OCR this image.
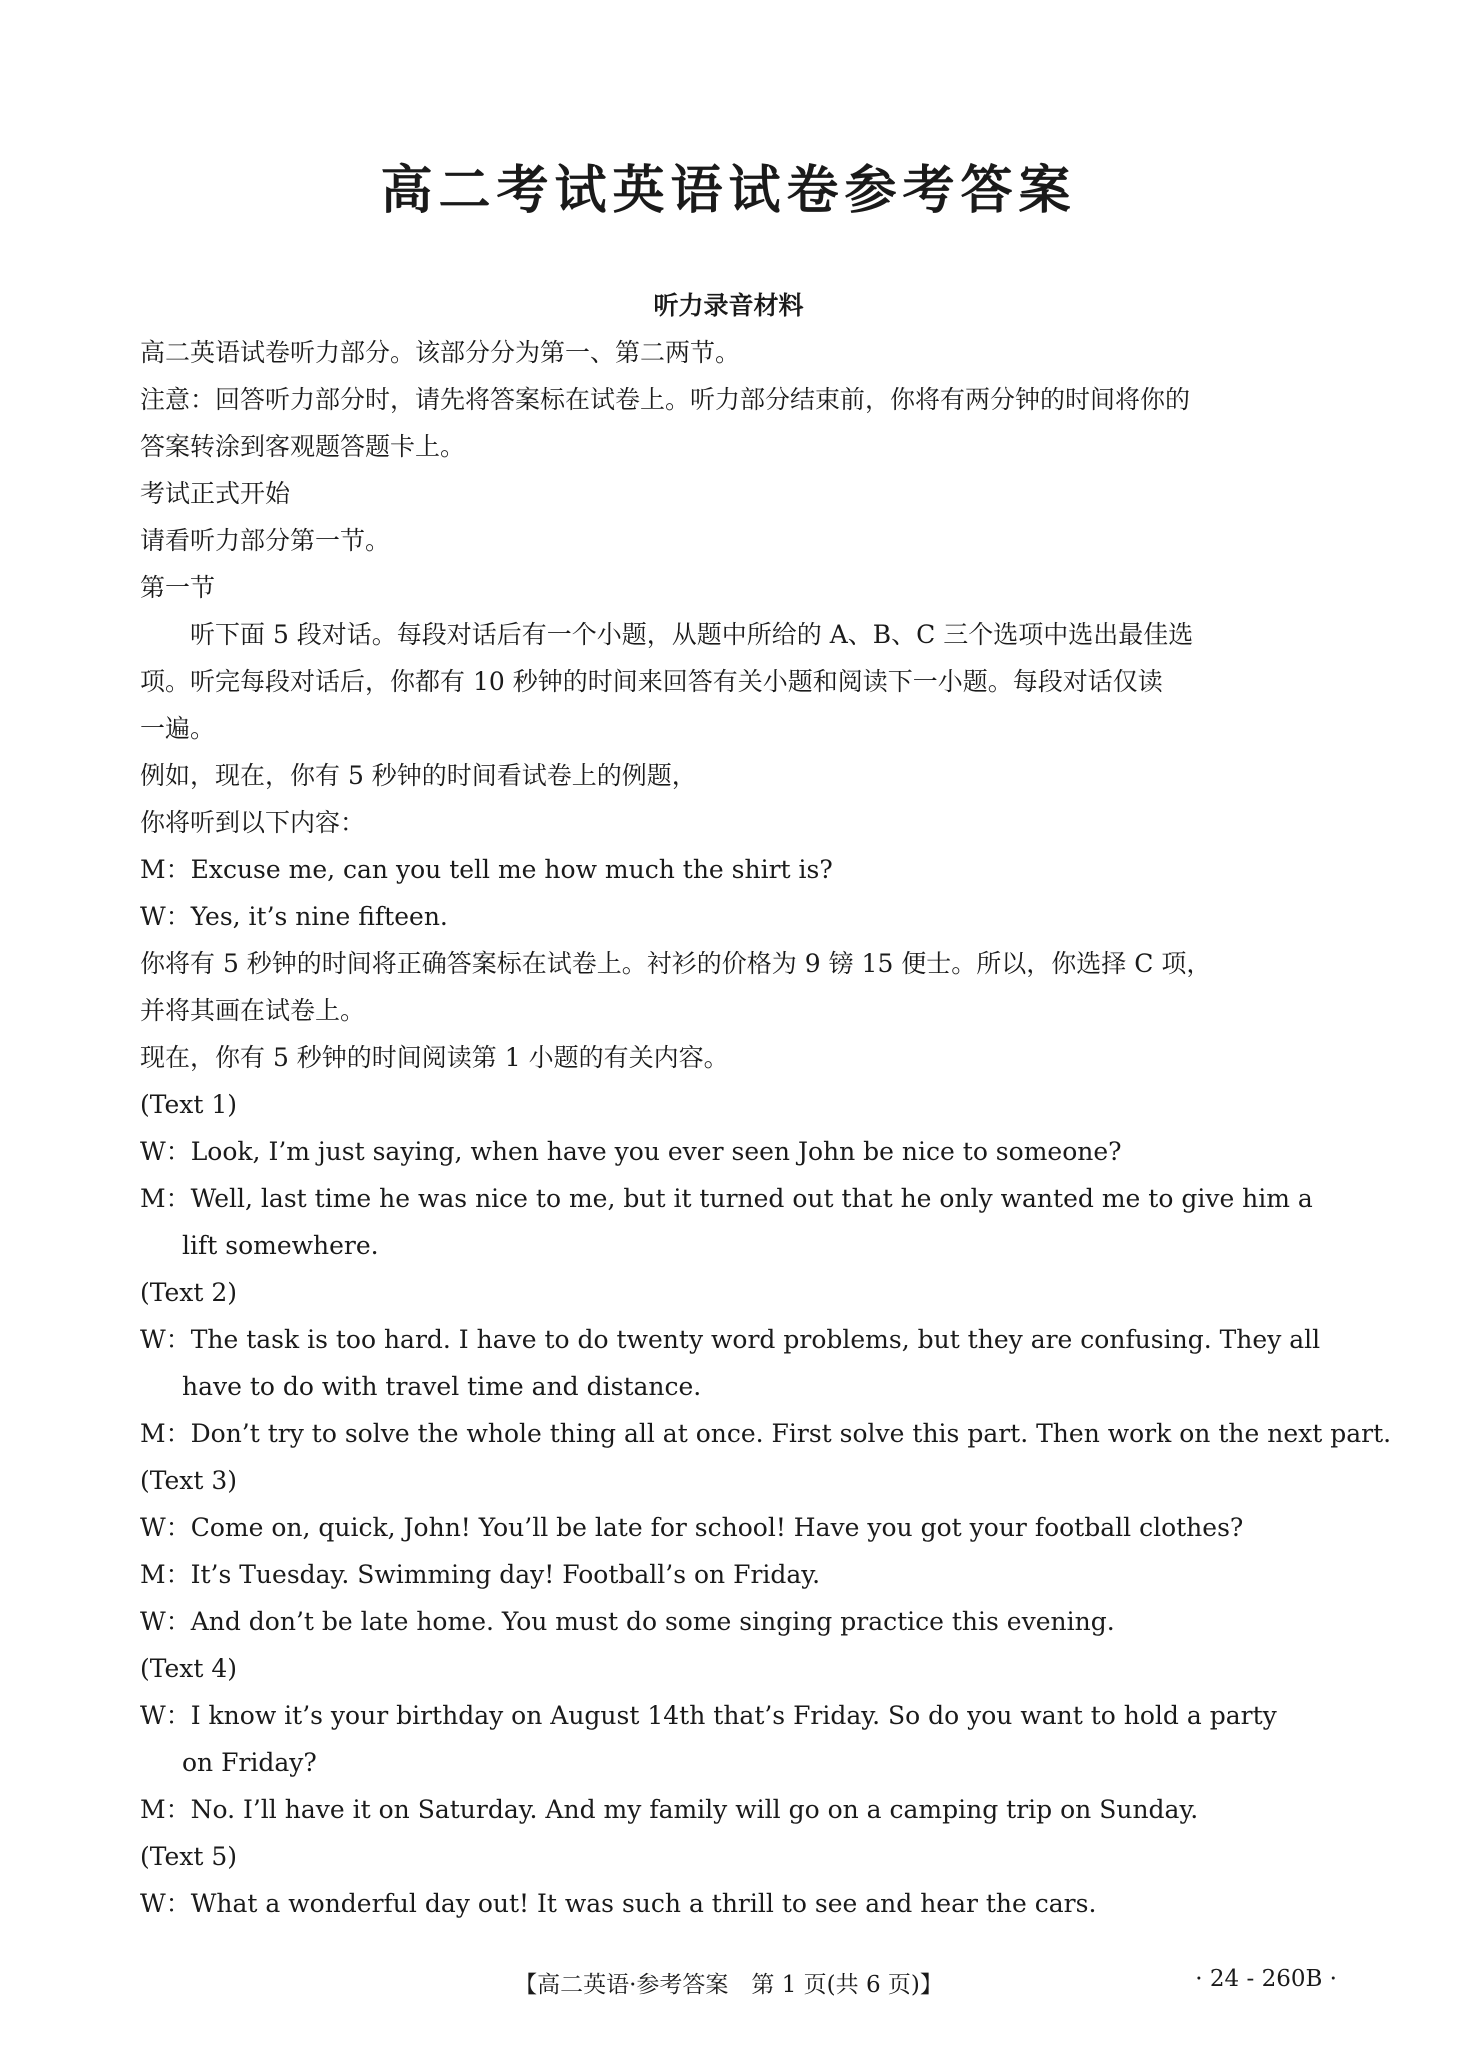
高二考试英语试卷参考答案
听力录音材料
高二英语试卷听力部分。该部分分为第一、第二两节。
注意：回答听力部分时，请先将答案标在试卷上。听力部分结束前，你将有两分钟的时间将你的
答案转涂到客观题答题卡上。
考试正式开始
请看听力部分第一节。
第一节
听下面 5 段对话。每段对话后有一个小题，从题中所给的 A、B、C 三个选项中选出最佳选
项。听完每段对话后，你都有 10 秒钟的时间来回答有关小题和阅读下一小题。每段对话仅读
一遍。
例如，现在，你有 5 秒钟的时间看试卷上的例题，
你将听到以下内容：
M：Excuse me, can you tell me how much the shirt is?
W：Yes, it’s nine fifteen.
你将有 5 秒钟的时间将正确答案标在试卷上。衬衫的价格为 9 镑 15 便士。所以，你选择 C 项，
并将其画在试卷上。
现在，你有 5 秒钟的时间阅读第 1 小题的有关内容。
(Text 1)
W：Look, I’m just saying, when have you ever seen John be nice to someone?
M：Well, last time he was nice to me, but it turned out that he only wanted me to give him a
lift somewhere.
(Text 2)
W：The task is too hard. I have to do twenty word problems, but they are confusing. They all
have to do with travel time and distance.
M：Don’t try to solve the whole thing all at once. First solve this part. Then work on the next part.
(Text 3)
W：Come on, quick, John! You’ll be late for school! Have you got your football clothes?
M：It’s Tuesday. Swimming day! Football’s on Friday.
W：And don’t be late home. You must do some singing practice this evening.
(Text 4)
W：I know it’s your birthday on August 14th that’s Friday. So do you want to hold a party
on Friday?
M：No. I’ll have it on Saturday. And my family will go on a camping trip on Sunday.
(Text 5)
W：What a wonderful day out! It was such a thrill to see and hear the cars.
【高二英语·参考答案　第 1 页(共 6 页)】	· 24 - 260B ·
